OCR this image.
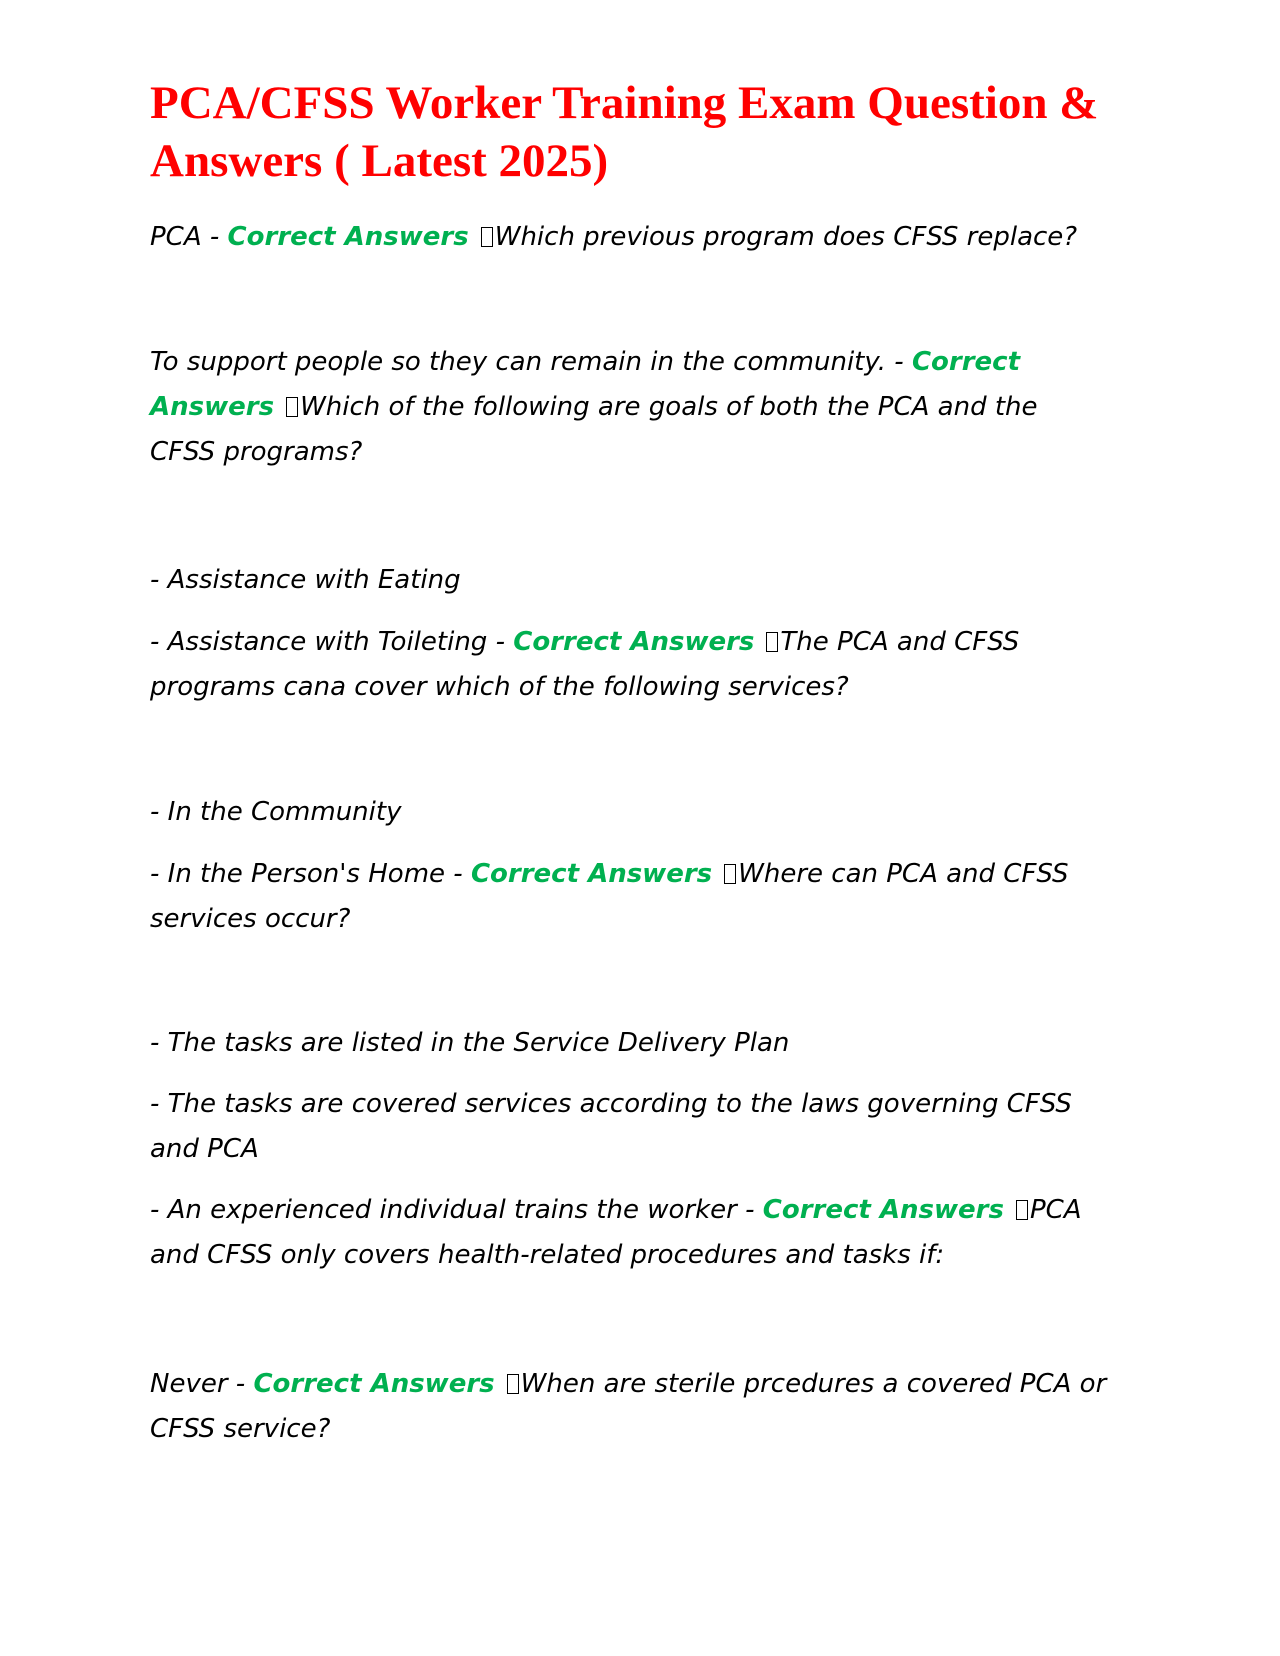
PCA/CFSS Worker Training Exam Question & Answers ( Latest 2025)
PCA - Correct Answers Which previous program does CFSS replace?
To support people so they can remain in the community. - Correct
Answers Which of the following are goals of both the PCA and the
CFSS programs?
- Assistance with Eating
- Assistance with Toileting - Correct Answers The PCA and CFSS
programs cana cover which of the following services?
- In the Community
- In the Person's Home - Correct Answers Where can PCA and CFSS
services occur?
- The tasks are listed in the Service Delivery Plan
- The tasks are covered services according to the laws governing CFSS
and PCA
- An experienced individual trains the worker - Correct Answers PCA
and CFSS only covers health-related procedures and tasks if:
Never - Correct Answers When are sterile prcedures a covered PCA or
CFSS service?
